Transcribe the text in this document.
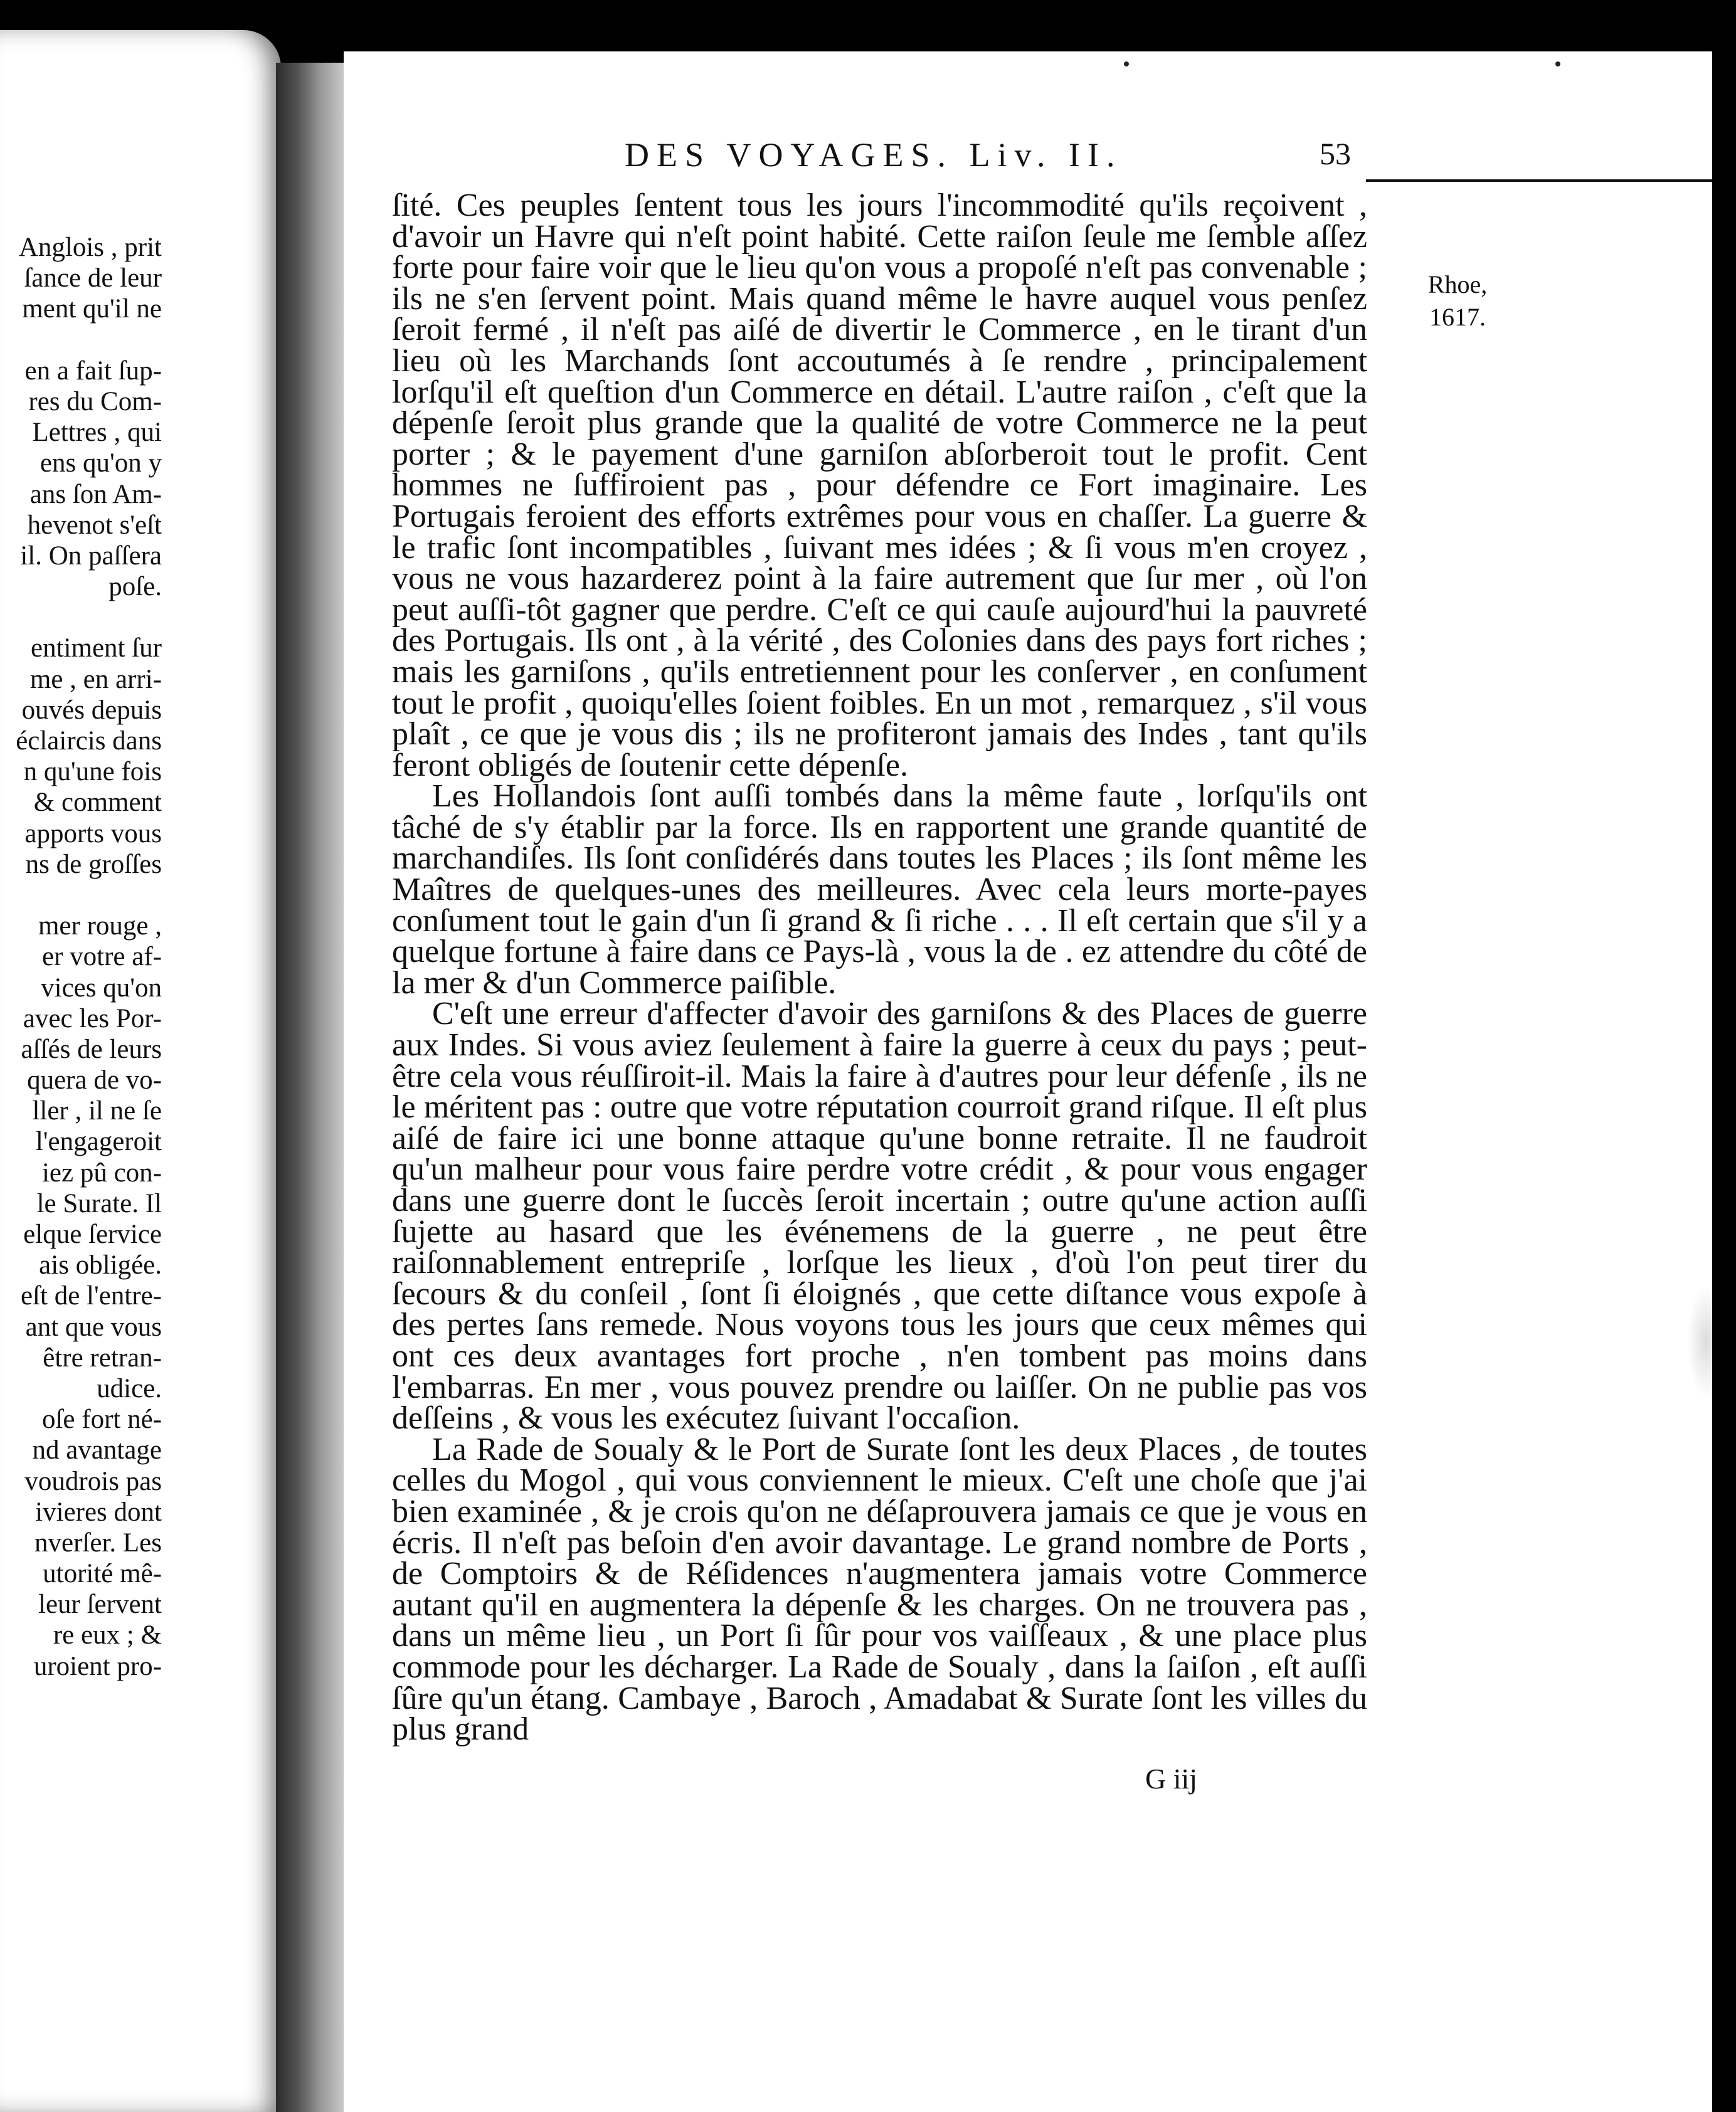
Anglois , prit
ſance de leur
ment qu'il ne
en a fait ſup-
res du Com-
Lettres , qui
ens qu'on y
ans ſon Am-
hevenot s'eſt
il. On paſſera
poſe.
entiment ſur
me , en arri-
ouvés depuis
éclaircis dans
n qu'une fois
& comment
apports vous
ns de groſſes
mer rouge ,
er votre af-
vices qu'on
avec les Por-
aſſés de leurs
quera de vo-
ller , il ne ſe
l'engageroit
iez pû con-
le Surate. Il
elque ſervice
ais obligée.
eſt de l'entre-
ant que vous
être retran-
udice.
oſe fort né-
nd avantage
voudrois pas
ivieres dont
nverſer. Les
utorité mê-
leur ſervent
re eux ; &
uroient pro-
DES VOYAGES. Liv. II.	53
Rhoe,
1617.

ſité. Ces peuples ſentent tous les jours l'incommodité qu'ils reçoivent , d'avoir un Havre qui n'eſt point habité. Cette raiſon ſeule me ſemble aſſez forte pour faire voir que le lieu qu'on vous a propoſé n'eſt pas convenable ; ils ne s'en ſervent point. Mais quand même le havre auquel vous penſez ſeroit fermé , il n'eſt pas aiſé de divertir le Commerce , en le tirant d'un lieu où les Marchands ſont accoutumés à ſe rendre , principalement lorſqu'il eſt queſtion d'un Commerce en détail. L'autre raiſon , c'eſt que la dépenſe ſeroit plus grande que la qualité de votre Commerce ne la peut porter ; & le payement d'une garniſon abſorberoit tout le profit. Cent hommes ne ſuffiroient pas , pour défendre ce Fort imaginaire. Les Portugais feroient des efforts extrêmes pour vous en chaſſer. La guerre & le trafic ſont incompatibles , ſuivant mes idées ; & ſi vous m'en croyez , vous ne vous hazarderez point à la faire autrement que ſur mer , où l'on peut auſſi-tôt gagner que perdre. C'eſt ce qui cauſe aujourd'hui la pauvreté des Portugais. Ils ont , à la vérité , des Colonies dans des pays fort riches ; mais les garniſons , qu'ils entretiennent pour les conſerver , en conſument tout le profit , quoiqu'elles ſoient foibles. En un mot , remarquez , s'il vous plaît , ce que je vous dis ; ils ne profiteront jamais des Indes , tant qu'ils feront obligés de ſoutenir cette dépenſe.

Les Hollandois ſont auſſi tombés dans la même faute , lorſqu'ils ont tâché de s'y établir par la force. Ils en rapportent une grande quantité de marchandiſes. Ils ſont conſidérés dans toutes les Places ; ils ſont même les Maîtres de quelques-unes des meilleures. Avec cela leurs morte-payes conſument tout le gain d'un ſi grand & ſi riche . . . Il eſt certain que s'il y a quelque fortune à faire dans ce Pays-là , vous la de . ez attendre du côté de la mer & d'un Commerce paiſible.

C'eſt une erreur d'affecter d'avoir des garniſons & des Places de guerre aux Indes. Si vous aviez ſeulement à faire la guerre à ceux du pays ; peut-être cela vous réuſſiroit-il. Mais la faire à d'autres pour leur défenſe , ils ne le méritent pas : outre que votre réputation courroit grand riſque. Il eſt plus aiſé de faire ici une bonne attaque qu'une bonne retraite. Il ne faudroit qu'un malheur pour vous faire perdre votre crédit , & pour vous engager dans une guerre dont le ſuccès ſeroit incertain ; outre qu'une action auſſi ſujette au hasard que les événemens de la guerre , ne peut être raiſonnablement entrepriſe , lorſque les lieux , d'où l'on peut tirer du ſecours & du conſeil , ſont ſi éloignés , que cette diſtance vous expoſe à des pertes ſans remede. Nous voyons tous les jours que ceux mêmes qui ont ces deux avantages fort proche , n'en tombent pas moins dans l'embarras. En mer , vous pouvez prendre ou laiſſer. On ne publie pas vos deſſeins , & vous les exécutez ſuivant l'occaſion.

La Rade de Soualy & le Port de Surate ſont les deux Places , de toutes celles du Mogol , qui vous conviennent le mieux. C'eſt une choſe que j'ai bien examinée , & je crois qu'on ne déſaprouvera jamais ce que je vous en écris. Il n'eſt pas beſoin d'en avoir davantage. Le grand nombre de Ports , de Comptoirs & de Réſidences n'augmentera jamais votre Commerce autant qu'il en augmentera la dépenſe & les charges. On ne trouvera pas , dans un même lieu , un Port ſi ſûr pour vos vaiſſeaux , & une place plus commode pour les décharger. La Rade de Soualy , dans la ſaiſon , eſt auſſi ſûre qu'un étang. Cambaye , Baroch , Amadabat & Surate ſont les villes du plus grand

G iij
